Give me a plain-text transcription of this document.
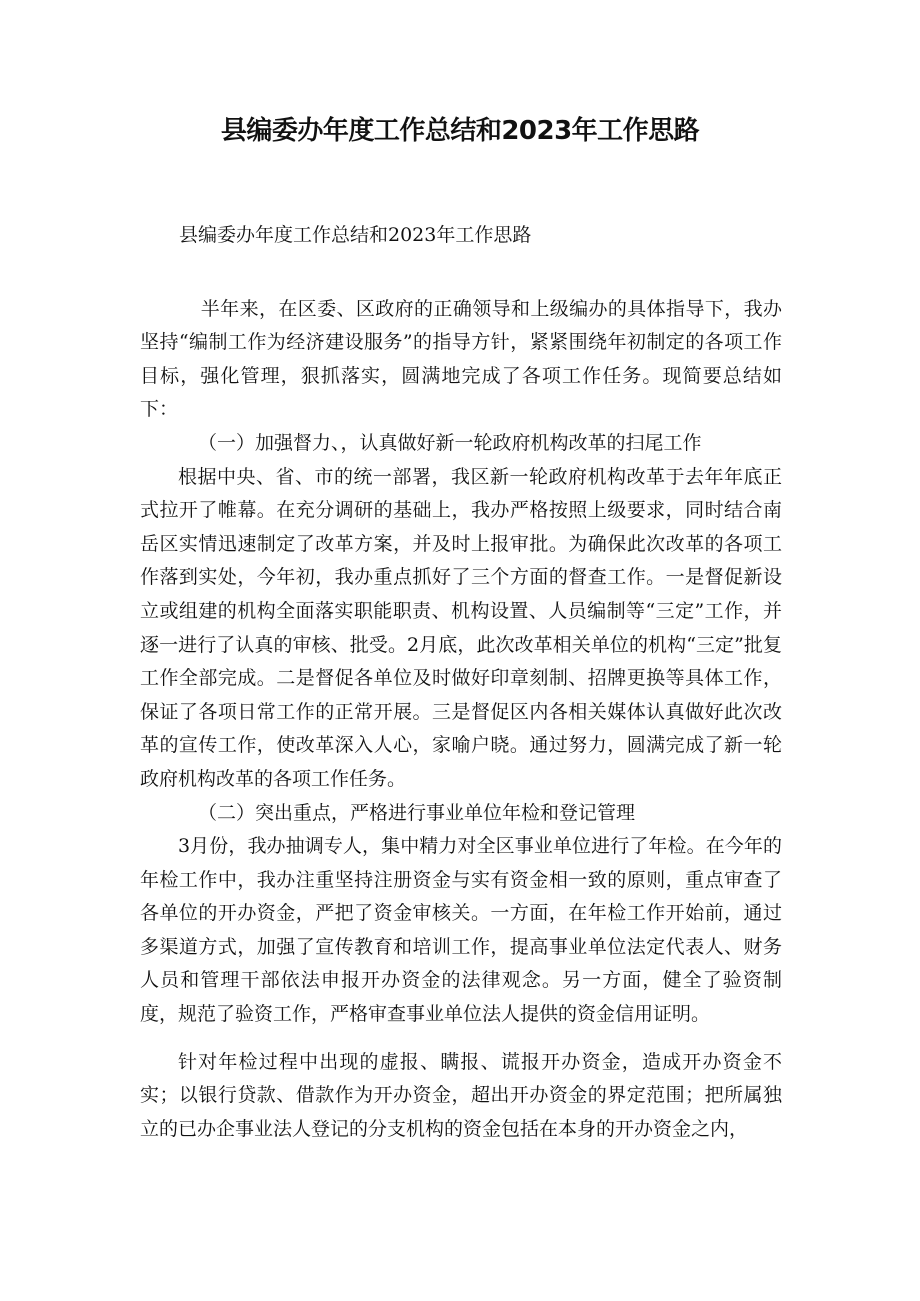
县编委办年度工作总结和2023年工作思路

县编委办年度工作总结和2023年工作思路

半年来，在区委、区政府的正确领导和上级编办的具体指导下，我办坚持“编制工作为经济建设服务”的指导方针，紧紧围绕年初制定的各项工作目标，强化管理，狠抓落实，圆满地完成了各项工作任务。现简要总结如下：

（一）加强督力、，认真做好新一轮政府机构改革的扫尾工作

根据中央、省、市的统一部署，我区新一轮政府机构改革于去年年底正式拉开了帷幕。在充分调研的基础上，我办严格按照上级要求，同时结合南岳区实情迅速制定了改革方案，并及时上报审批。为确保此次改革的各项工作落到实处，今年初，我办重点抓好了三个方面的督查工作。一是督促新设立或组建的机构全面落实职能职责、机构设置、人员编制等“三定”工作，并逐一进行了认真的审核、批受。2月底，此次改革相关单位的机构“三定”批复工作全部完成。二是督促各单位及时做好印章刻制、招牌更换等具体工作，保证了各项日常工作的正常开展。三是督促区内各相关媒体认真做好此次改革的宣传工作，使改革深入人心，家喻户晓。通过努力，圆满完成了新一轮政府机构改革的各项工作任务。

（二）突出重点，严格进行事业单位年检和登记管理

3月份，我办抽调专人，集中精力对全区事业单位进行了年检。在今年的年检工作中，我办注重坚持注册资金与实有资金相一致的原则，重点审查了各单位的开办资金，严把了资金审核关。一方面，在年检工作开始前，通过多渠道方式，加强了宣传教育和培训工作，提高事业单位法定代表人、财务人员和管理干部依法申报开办资金的法律观念。另一方面，健全了验资制度，规范了验资工作，严格审查事业单位法人提供的资金信用证明。

针对年检过程中出现的虚报、瞒报、谎报开办资金，造成开办资金不实；以银行贷款、借款作为开办资金，超出开办资金的界定范围；把所属独立的已办企事业法人登记的分支机构的资金包括在本身的开办资金之内，
